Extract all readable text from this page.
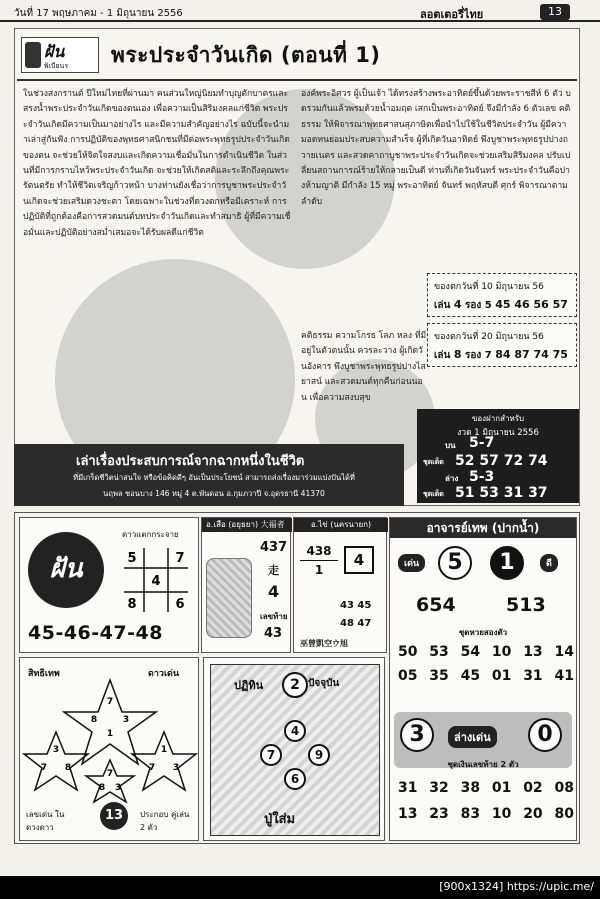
วันที่ 17 พฤษภาคม - 1 มิถุนายน 2556	ลอตเตอรี่ไทย	13
ฝัน
พิเบียนร พระประจำวันเกิด (ตอนที่ 1)
ในช่วงสงกรานต์ ปีใหม่ไทยที่ผ่านมา คนส่วนใหญ่นิยมทำบุญตักบาตรและสรงน้ำพระประจำวันเกิดของตนเอง เพื่อความเป็นสิริมงคลแก่ชีวิต พระประจำวันเกิดมีความเป็นมาอย่างไร และมีความสำคัญอย่างไร ฉบับนี้จะนำมาเล่าสู่กันฟัง การปฏิบัติของพุทธศาสนิกชนที่มีต่อพระพุทธรูปประจำวันเกิดของตน จะช่วยให้จิตใจสงบและเกิดความเชื่อมั่นในการดำเนินชีวิต ในส่วนที่มีการกราบไหว้พระประจำวันเกิด จะช่วยให้เกิดสติและระลึกถึงคุณพระรัตนตรัย ทำให้ชีวิตเจริญก้าวหน้า บางท่านยังเชื่อว่าการบูชาพระประจำวันเกิดจะช่วยเสริมดวงชะตา โดยเฉพาะในช่วงที่ดวงตกหรือมีเคราะห์ การปฏิบัติที่ถูกต้องคือการสวดมนต์บทประจำวันเกิดและทำสมาธิ ผู้ที่มีความเชื่อมั่นและปฏิบัติอย่างสม่ำเสมอจะได้รับผลดีแก่ชีวิต
องค์พระอิศวร ผู้เป็นเจ้า ได้ทรงสร้างพระอาทิตย์ขึ้นด้วยพระราชสีห์ 6 ตัว บดรวมกันแล้วพรมด้วยน้ำอมฤต เสกเป็นพระอาทิตย์ จึงมีกำลัง 6 ตัวเลข คติธรรม ให้พิจารณาพุทธศาสนสุภาษิตเพื่อนำไปใช้ในชีวิตประจำวัน ผู้มีความอดทนย่อมประสบความสำเร็จ ผู้ที่เกิดวันอาทิตย์ พึงบูชาพระพุทธรูปปางถวายเนตร และสวดคาถาบูชาพระประจำวันเกิดจะช่วยเสริมสิริมงคล ปรับเปลี่ยนสถานการณ์ร้ายให้กลายเป็นดี ท่านที่เกิดวันจันทร์ พระประจำวันคือปางห้ามญาติ มีกำลัง 15 หมู่ พระอาทิตย์ จันทร์ พฤหัสบดี ศุกร์ พิจารณาตามลำดับ
คติธรรม ความโกรธ โลภ หลง ที่มีอยู่ในตัวตนนั้น ควรละวาง ผู้เกิดวันอังคาร พึงบูชาพระพุทธรูปปางไสยาสน์ และสวดมนต์ทุกคืนก่อนนอน เพื่อความสงบสุข
ของตกวันที่ 10 มิถุนายน 56
เล่น 4 รอง 5 45 46 56 57
ของตกวันที่ 20 มิถุนายน 56
เล่น 8 รอง 7 84 87 74 75
ของฝากสำหรับ
งวด 1 มิถุนายน 2556
บน 5-7
ชุดเด็ด 52 57 72 74
ล่าง 5-3
ชุดเด็ด 51 53 31 37
เล่าเรื่องประสบการณ์จากฉากหนึ่งในชีวิต
ที่มีเกร็ดชีวิตน่าสนใจ หรือข้อคิดดีๆ อันเป็นประโยชน์ สามารถส่งเรื่องมาร่วมแบ่งปันได้ที่
นฤพล ชอนบาง 146 หมู่ 4 ต.พันดอน อ.กุมภวาปี จ.อุดรธานี 41370
ฝัน
ดาวแตกกระจาย
5	7
4
8	6
45-46-47-48
อ.เสือ (อยุธยา) 大福者也
437
走
4
เลขท้าย
43
อ.ไข่ (นครนายก)
438
1
4
43 45
48 47
巫曾凱空ウ旭
อาจารย์เทพ (ปากน้ำ)
เด่น	5	1	ดี
654	513
ชุดหวยสองตัว
50 53 54 10 13 14
05 35 45 01 31 41
3	ล่างเด่น	0
ชุดเงินเลขท้าย 2 ตัว
31 32 38 01 02 08
13 23 83 10 20 80
สิทธิเทพ	ดาวเด่น
7
8	3
1
3
7 8
1
7 3
7
8 3
เลขเด่น ในดวงดาว
13	ประกอบ คู่เล่น 2 ตัว
ปฏิทิน	2 ปัจจุบัน
4
7	9
6
ปู่ใส่ม
[900x1324] https://upic.me/
